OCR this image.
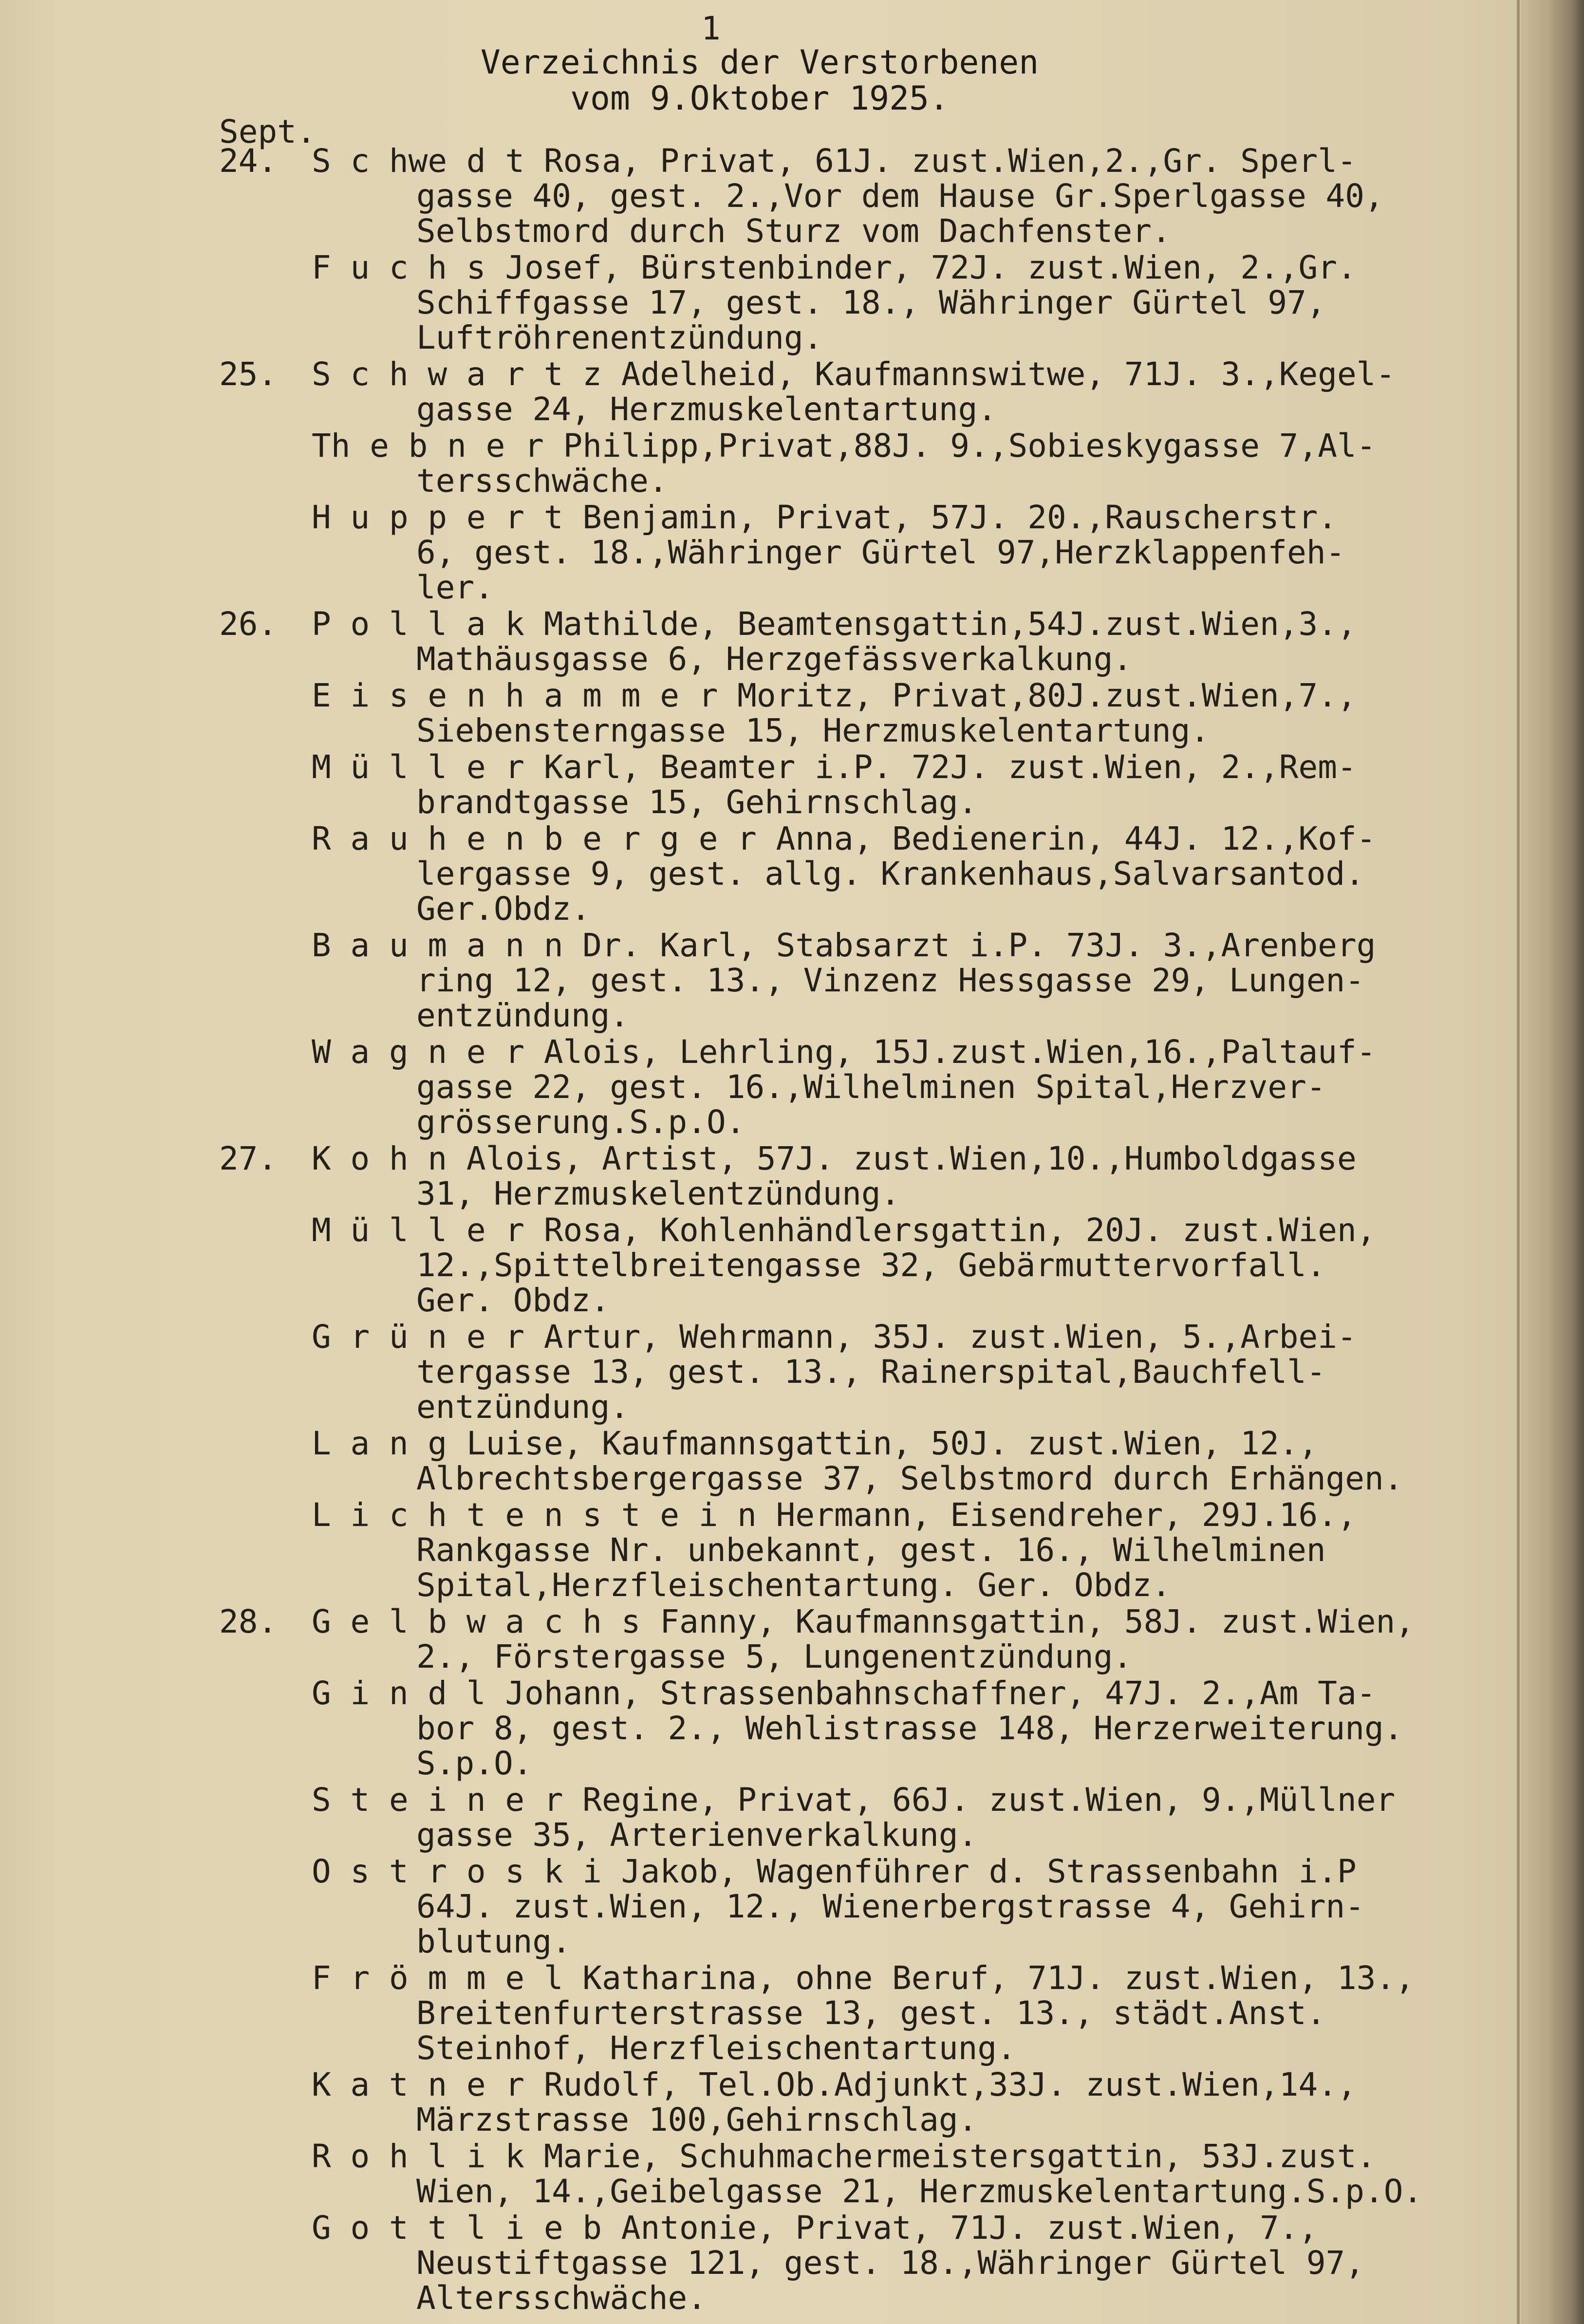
1
Verzeichnis der Verstorbenen
vom 9.Oktober 1925.
Sept.
24.	S c hwe d t Rosa, Privat, 61J. zust.Wien,2.,Gr. Sperl-
gasse 40, gest. 2.,Vor dem Hause Gr.Sperlgasse 40,
Selbstmord durch Sturz vom Dachfenster.
F u c h s Josef, Bürstenbinder, 72J. zust.Wien, 2.,Gr.
Schiffgasse 17, gest. 18., Währinger Gürtel 97,
Luftröhrenentzündung.
25.	S c h w a r t z Adelheid, Kaufmannswitwe, 71J. 3.,Kegel-
gasse 24, Herzmuskelentartung.
Th e b n e r Philipp,Privat,88J. 9.,Sobieskygasse 7,Al-
tersschwäche.
H u p p e r t Benjamin, Privat, 57J. 20.,Rauscherstr.
6, gest. 18.,Währinger Gürtel 97,Herzklappenfeh-
ler.
26.	P o l l a k Mathilde, Beamtensgattin,54J.zust.Wien,3.,
Mathäusgasse 6, Herzgefässverkalkung.
E i s e n h a m m e r Moritz, Privat,80J.zust.Wien,7.,
Siebensterngasse 15, Herzmuskelentartung.
M ü l l e r Karl, Beamter i.P. 72J. zust.Wien, 2.,Rem-
brandtgasse 15, Gehirnschlag.
R a u h e n b e r g e r Anna, Bedienerin, 44J. 12.,Kof-
lergasse 9, gest. allg. Krankenhaus,Salvarsantod.
Ger.Obdz.
B a u m a n n Dr. Karl, Stabsarzt i.P. 73J. 3.,Arenberg
ring 12, gest. 13., Vinzenz Hessgasse 29, Lungen-
entzündung.
W a g n e r Alois, Lehrling, 15J.zust.Wien,16.,Paltauf-
gasse 22, gest. 16.,Wilhelminen Spital,Herzver-
grösserung.S.p.O.
27.	K o h n Alois, Artist, 57J. zust.Wien,10.,Humboldgasse
31, Herzmuskelentzündung.
M ü l l e r Rosa, Kohlenhändlersgattin, 20J. zust.Wien,
12.,Spittelbreitengasse 32, Gebärmuttervorfall.
Ger. Obdz.
G r ü n e r Artur, Wehrmann, 35J. zust.Wien, 5.,Arbei-
tergasse 13, gest. 13., Rainerspital,Bauchfell-
entzündung.
L a n g Luise, Kaufmannsgattin, 50J. zust.Wien, 12.,
Albrechtsbergergasse 37, Selbstmord durch Erhängen.
L i c h t e n s t e i n Hermann, Eisendreher, 29J.16.,
Rankgasse Nr. unbekannt, gest. 16., Wilhelminen
Spital,Herzfleischentartung. Ger. Obdz.
28.	G e l b w a c h s Fanny, Kaufmannsgattin, 58J. zust.Wien,
2., Förstergasse 5, Lungenentzündung.
G i n d l Johann, Strassenbahnschaffner, 47J. 2.,Am Ta-
bor 8, gest. 2., Wehlistrasse 148, Herzerweiterung.
S.p.O.
S t e i n e r Regine, Privat, 66J. zust.Wien, 9.,Müllner
gasse 35, Arterienverkalkung.
O s t r o s k i Jakob, Wagenführer d. Strassenbahn i.P
64J. zust.Wien, 12., Wienerbergstrasse 4, Gehirn-
blutung.
F r ö m m e l Katharina, ohne Beruf, 71J. zust.Wien, 13.,
Breitenfurterstrasse 13, gest. 13., städt.Anst.
Steinhof, Herzfleischentartung.
K a t n e r Rudolf, Tel.Ob.Adjunkt,33J. zust.Wien,14.,
Märzstrasse 100,Gehirnschlag.
R o h l i k Marie, Schuhmachermeistersgattin, 53J.zust.
Wien, 14.,Geibelgasse 21, Herzmuskelentartung.S.p.O.
G o t t l i e b Antonie, Privat, 71J. zust.Wien, 7.,
Neustiftgasse 121, gest. 18.,Währinger Gürtel 97,
Altersschwäche.
